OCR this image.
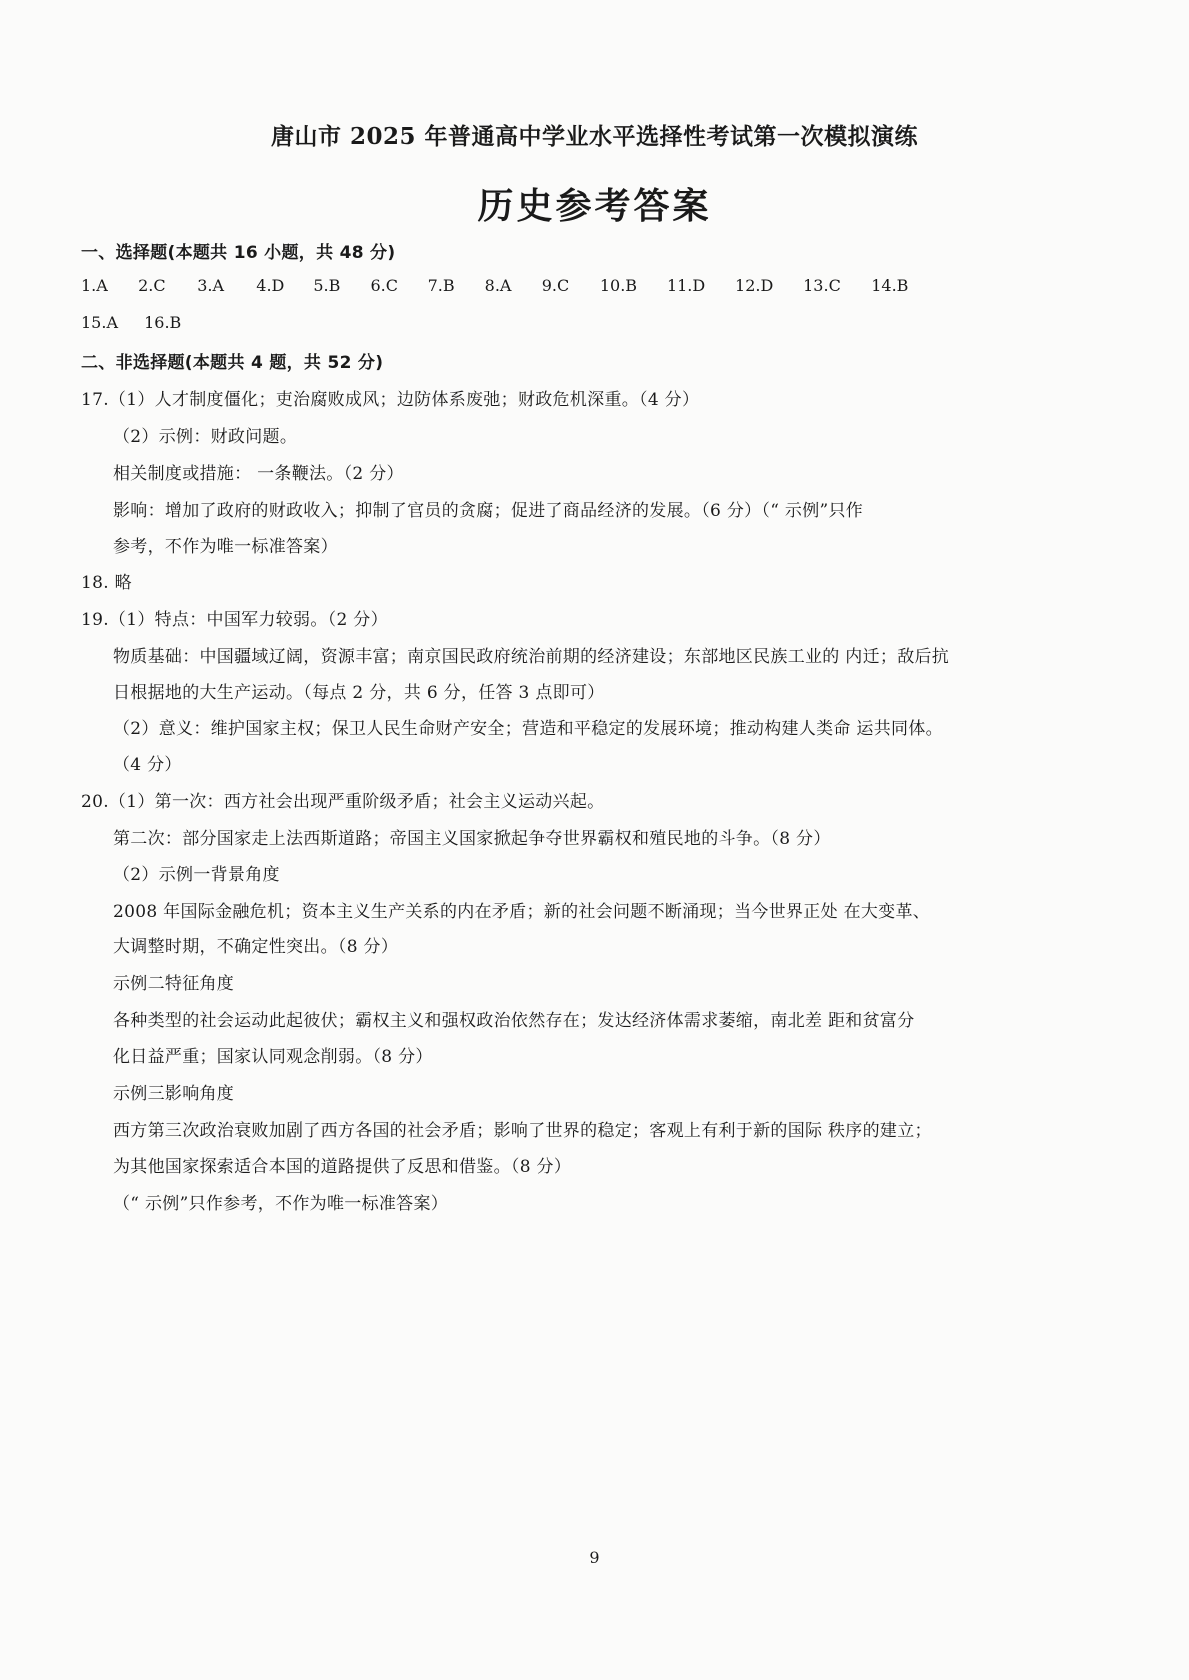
唐山市 2025 年普通高中学业水平选择性考试第一次模拟演练
历史参考答案
一、选择题(本题共 16 小题，共 48 分)
1.A 2.C 3.A 4.D 5.B 6.C 7.B 8.A 9.C 10.B 11.D 12.D 13.C 14.B
15.A 16.B
二、非选择题(本题共 4 题，共 52 分)
17.（1）人才制度僵化；吏治腐败成风；边防体系废弛；财政危机深重。（4 分）
（2）示例：财政问题。
相关制度或措施： 一条鞭法。（2 分）
影响：增加了政府的财政收入；抑制了官员的贪腐；促进了商品经济的发展。（6 分）（“ 示例”只作
参考，不作为唯一标准答案）
18. 略
19.（1）特点：中国军力较弱。（2 分）
物质基础：中国疆域辽阔，资源丰富；南京国民政府统治前期的经济建设；东部地区民族工业的 内迁；敌后抗
日根据地的大生产运动。（每点 2 分，共 6 分，任答 3 点即可）
（2）意义：维护国家主权；保卫人民生命财产安全；营造和平稳定的发展环境；推动构建人类命 运共同体。
（4 分）
20.（1）第一次：西方社会出现严重阶级矛盾；社会主义运动兴起。
第二次：部分国家走上法西斯道路；帝国主义国家掀起争夺世界霸权和殖民地的斗争。（8 分）
（2）示例一背景角度
2008 年国际金融危机；资本主义生产关系的内在矛盾；新的社会问题不断涌现；当今世界正处 在大变革、
大调整时期，不确定性突出。（8 分）
示例二特征角度
各种类型的社会运动此起彼伏；霸权主义和强权政治依然存在；发达经济体需求萎缩，南北差 距和贫富分
化日益严重；国家认同观念削弱。（8 分）
示例三影响角度
西方第三次政治衰败加剧了西方各国的社会矛盾；影响了世界的稳定；客观上有利于新的国际 秩序的建立；
为其他国家探索适合本国的道路提供了反思和借鉴。（8 分）
（“ 示例”只作参考，不作为唯一标准答案）
9
